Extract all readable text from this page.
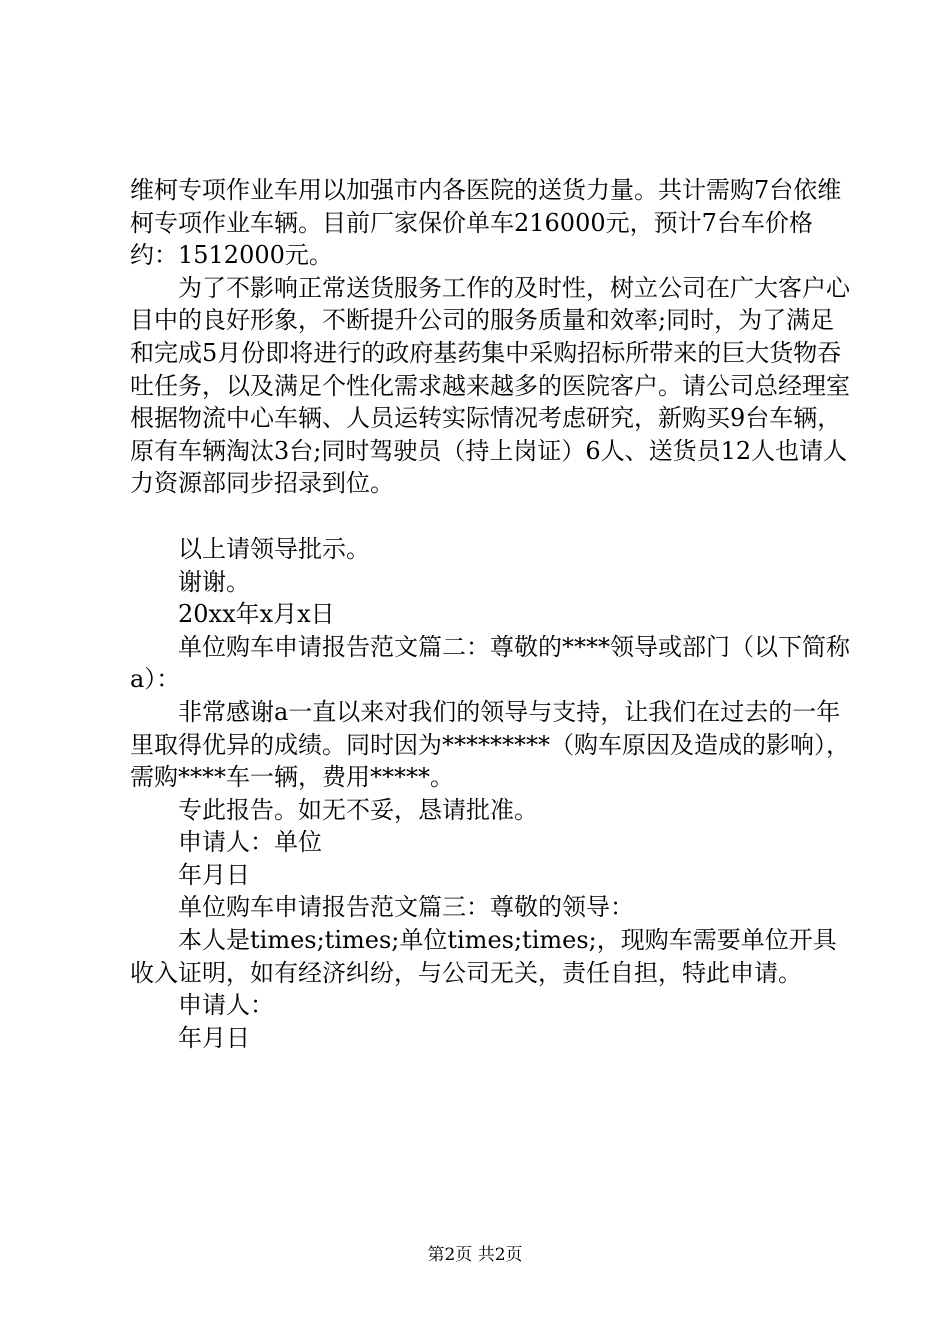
维柯专项作业车用以加强市内各医院的送货力量。共计需购7台依维柯专项作业车辆。目前厂家保价单车216000元，预计7台车价格约：1512000元。

为了不影响正常送货服务工作的及时性，树立公司在广大客户心目中的良好形象，不断提升公司的服务质量和效率;同时，为了满足和完成5月份即将进行的政府基药集中采购招标所带来的巨大货物吞吐任务，以及满足个性化需求越来越多的医院客户。请公司总经理室根据物流中心车辆、人员运转实际情况考虑研究，新购买9台车辆，原有车辆淘汰3台;同时驾驶员（持上岗证）6人、送货员12人也请人力资源部同步招录到位。

以上请领导批示。

谢谢。

20xx年x月x日

单位购车申请报告范文篇二：尊敬的****领导或部门（以下简称a）：

非常感谢a一直以来对我们的领导与支持，让我们在过去的一年里取得优异的成绩。同时因为*********（购车原因及造成的影响），需购****车一辆，费用*****。

专此报告。如无不妥，恳请批准。

申请人：单位

年月日

单位购车申请报告范文篇三：尊敬的领导：

本人是times;times;单位times;times;，现购车需要单位开具收入证明，如有经济纠纷，与公司无关，责任自担，特此申请。

申请人：

年月日

第2页 共2页
